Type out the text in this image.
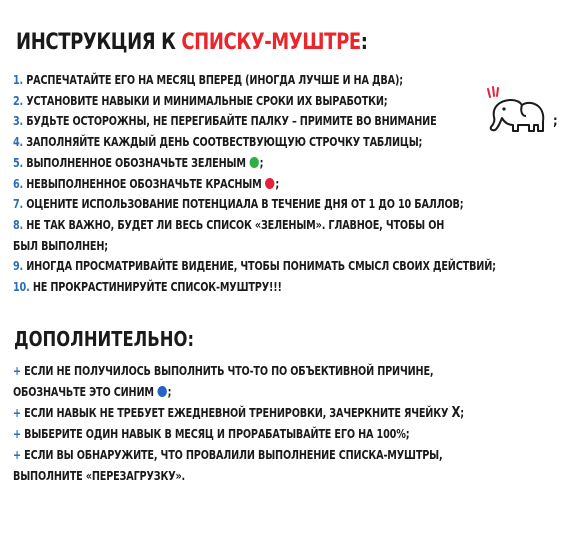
ИНСТРУКЦИЯ К СПИСКУ-МУШТРЕ:
1. РАСПЕЧАТАЙТЕ ЕГО НА МЕСЯЦ ВПЕРЕД (ИНОГДА ЛУЧШЕ И НА ДВА);
2. УСТАНОВИТЕ НАВЫКИ И МИНИМАЛЬНЫЕ СРОКИ ИХ ВЫРАБОТКИ;
3. БУДЬТЕ ОСТОРОЖНЫ, НЕ ПЕРЕГИБАЙТЕ ПАЛКУ – ПРИМИТЕ ВО ВНИМАНИЕ
4. ЗАПОЛНЯЙТЕ КАЖДЫЙ ДЕНЬ СООТВЕСТВУЮЩУЮ СТРОЧКУ ТАБЛИЦЫ;
5. ВЫПОЛНЕННОЕ ОБОЗНАЧЬТЕ ЗЕЛЕНЫМ ;
6. НЕВЫПОЛНЕННОЕ ОБОЗНАЧЬТЕ КРАСНЫМ ;
7. ОЦЕНИТЕ ИСПОЛЬЗОВАНИЕ ПОТЕНЦИАЛА В ТЕЧЕНИЕ ДНЯ ОТ 1 ДО 10 БАЛЛОВ;
8. НЕ ТАК ВАЖНО, БУДЕТ ЛИ ВЕСЬ СПИСОК «ЗЕЛЕНЫМ». ГЛАВНОЕ, ЧТОБЫ ОН
БЫЛ ВЫПОЛНЕН;
9. ИНОГДА ПРОСМАТРИВАЙТЕ ВИДЕНИЕ, ЧТОБЫ ПОНИМАТЬ СМЫСЛ СВОИХ ДЕЙСТВИЙ;
10. НЕ ПРОКРАСТИНИРУЙТЕ СПИСОК-МУШТРУ!!!
ДОПОЛНИТЕЛЬНО:
+ ЕСЛИ НЕ ПОЛУЧИЛОСЬ ВЫПОЛНИТЬ ЧТО-ТО ПО ОБЪЕКТИВНОЙ ПРИЧИНЕ,
ОБОЗНАЧЬТЕ ЭТО СИНИМ ;
+ ЕСЛИ НАВЫК НЕ ТРЕБУЕТ ЕЖЕДНЕВНОЙ ТРЕНИРОВКИ, ЗАЧЕРКНИТЕ ЯЧЕЙКУ X;
+ ВЫБЕРИТЕ ОДИН НАВЫК В МЕСЯЦ И ПРОРАБАТЫВАЙТЕ ЕГО НА 100%;
+ ЕСЛИ ВЫ ОБНАРУЖИТЕ, ЧТО ПРОВАЛИЛИ ВЫПОЛНЕНИЕ СПИСКА-МУШТРЫ,
ВЫПОЛНИТЕ «ПЕРЕЗАГРУЗКУ».
;
